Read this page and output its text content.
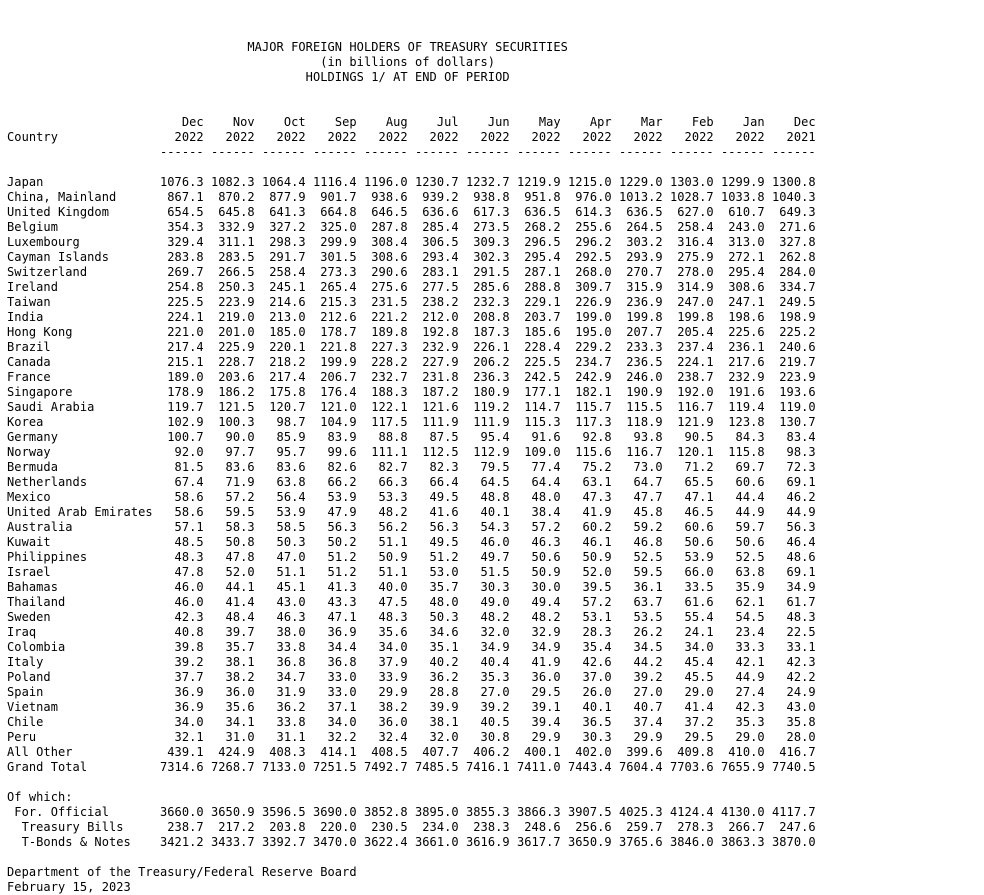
MAJOR FOREIGN HOLDERS OF TREASURY SECURITIES
(in billions of dollars)
HOLDINGS 1/ AT END OF PERIOD

Dec    Nov    Oct    Sep    Aug    Jul    Jun    May    Apr    Mar    Feb    Jan    Dec
Country                2022   2022   2022   2022   2022   2022   2022   2022   2022   2022   2022   2022   2021
------ ------ ------ ------ ------ ------ ------ ------ ------ ------ ------ ------ ------

Japan                1076.3 1082.3 1064.4 1116.4 1196.0 1230.7 1232.7 1219.9 1215.0 1229.0 1303.0 1299.9 1300.8
China, Mainland       867.1  870.2  877.9  901.7  938.6  939.2  938.8  951.8  976.0 1013.2 1028.7 1033.8 1040.3
United Kingdom        654.5  645.8  641.3  664.8  646.5  636.6  617.3  636.5  614.3  636.5  627.0  610.7  649.3
Belgium               354.3  332.9  327.2  325.0  287.8  285.4  273.5  268.2  255.6  264.5  258.4  243.0  271.6
Luxembourg            329.4  311.1  298.3  299.9  308.4  306.5  309.3  296.5  296.2  303.2  316.4  313.0  327.8
Cayman Islands        283.8  283.5  291.7  301.5  308.6  293.4  302.3  295.4  292.5  293.9  275.9  272.1  262.8
Switzerland           269.7  266.5  258.4  273.3  290.6  283.1  291.5  287.1  268.0  270.7  278.0  295.4  284.0
Ireland               254.8  250.3  245.1  265.4  275.6  277.5  285.6  288.8  309.7  315.9  314.9  308.6  334.7
Taiwan                225.5  223.9  214.6  215.3  231.5  238.2  232.3  229.1  226.9  236.9  247.0  247.1  249.5
India                 224.1  219.0  213.0  212.6  221.2  212.0  208.8  203.7  199.0  199.8  199.8  198.6  198.9
Hong Kong             221.0  201.0  185.0  178.7  189.8  192.8  187.3  185.6  195.0  207.7  205.4  225.6  225.2
Brazil                217.4  225.9  220.1  221.8  227.3  232.9  226.1  228.4  229.2  233.3  237.4  236.1  240.6
Canada                215.1  228.7  218.2  199.9  228.2  227.9  206.2  225.5  234.7  236.5  224.1  217.6  219.7
France                189.0  203.6  217.4  206.7  232.7  231.8  236.3  242.5  242.9  246.0  238.7  232.9  223.9
Singapore             178.9  186.2  175.8  176.4  188.3  187.2  180.9  177.1  182.1  190.9  192.0  191.6  193.6
Saudi Arabia          119.7  121.5  120.7  121.0  122.1  121.6  119.2  114.7  115.7  115.5  116.7  119.4  119.0
Korea                 102.9  100.3   98.7  104.9  117.5  111.9  111.9  115.3  117.3  118.9  121.9  123.8  130.7
Germany               100.7   90.0   85.9   83.9   88.8   87.5   95.4   91.6   92.8   93.8   90.5   84.3   83.4
Norway                 92.0   97.7   95.7   99.6  111.1  112.5  112.9  109.0  115.6  116.7  120.1  115.8   98.3
Bermuda                81.5   83.6   83.6   82.6   82.7   82.3   79.5   77.4   75.2   73.0   71.2   69.7   72.3
Netherlands            67.4   71.9   63.8   66.2   66.3   66.4   64.5   64.4   63.1   64.7   65.5   60.6   69.1
Mexico                 58.6   57.2   56.4   53.9   53.3   49.5   48.8   48.0   47.3   47.7   47.1   44.4   46.2
United Arab Emirates   58.6   59.5   53.9   47.9   48.2   41.6   40.1   38.4   41.9   45.8   46.5   44.9   44.9
Australia              57.1   58.3   58.5   56.3   56.2   56.3   54.3   57.2   60.2   59.2   60.6   59.7   56.3
Kuwait                 48.5   50.8   50.3   50.2   51.1   49.5   46.0   46.3   46.1   46.8   50.6   50.6   46.4
Philippines            48.3   47.8   47.0   51.2   50.9   51.2   49.7   50.6   50.9   52.5   53.9   52.5   48.6
Israel                 47.8   52.0   51.1   51.2   51.1   53.0   51.5   50.9   52.0   59.5   66.0   63.8   69.1
Bahamas                46.0   44.1   45.1   41.3   40.0   35.7   30.3   30.0   39.5   36.1   33.5   35.9   34.9
Thailand               46.0   41.4   43.0   43.3   47.5   48.0   49.0   49.4   57.2   63.7   61.6   62.1   61.7
Sweden                 42.3   48.4   46.3   47.1   48.3   50.3   48.2   48.2   53.1   53.5   55.4   54.5   48.3
Iraq                   40.8   39.7   38.0   36.9   35.6   34.6   32.0   32.9   28.3   26.2   24.1   23.4   22.5
Colombia               39.8   35.7   33.8   34.4   34.0   35.1   34.9   34.9   35.4   34.5   34.0   33.3   33.1
Italy                  39.2   38.1   36.8   36.8   37.9   40.2   40.4   41.9   42.6   44.2   45.4   42.1   42.3
Poland                 37.7   38.2   34.7   33.0   33.9   36.2   35.3   36.0   37.0   39.2   45.5   44.9   42.2
Spain                  36.9   36.0   31.9   33.0   29.9   28.8   27.0   29.5   26.0   27.0   29.0   27.4   24.9
Vietnam                36.9   35.6   36.2   37.1   38.2   39.9   39.2   39.1   40.1   40.7   41.4   42.3   43.0
Chile                  34.0   34.1   33.8   34.0   36.0   38.1   40.5   39.4   36.5   37.4   37.2   35.3   35.8
Peru                   32.1   31.0   31.1   32.2   32.4   32.0   30.8   29.9   30.3   29.9   29.5   29.0   28.0
All Other             439.1  424.9  408.3  414.1  408.5  407.7  406.2  400.1  402.0  399.6  409.8  410.0  416.7
Grand Total          7314.6 7268.7 7133.0 7251.5 7492.7 7485.5 7416.1 7411.0 7443.4 7604.4 7703.6 7655.9 7740.5

Of which:
For. Official       3660.0 3650.9 3596.5 3690.0 3852.8 3895.0 3855.3 3866.3 3907.5 4025.3 4124.4 4130.0 4117.7
Treasury Bills      238.7  217.2  203.8  220.0  230.5  234.0  238.3  248.6  256.6  259.7  278.3  266.7  247.6
T-Bonds & Notes    3421.2 3433.7 3392.7 3470.0 3622.4 3661.0 3616.9 3617.7 3650.9 3765.6 3846.0 3863.3 3870.0

Department of the Treasury/Federal Reserve Board
February 15, 2023
